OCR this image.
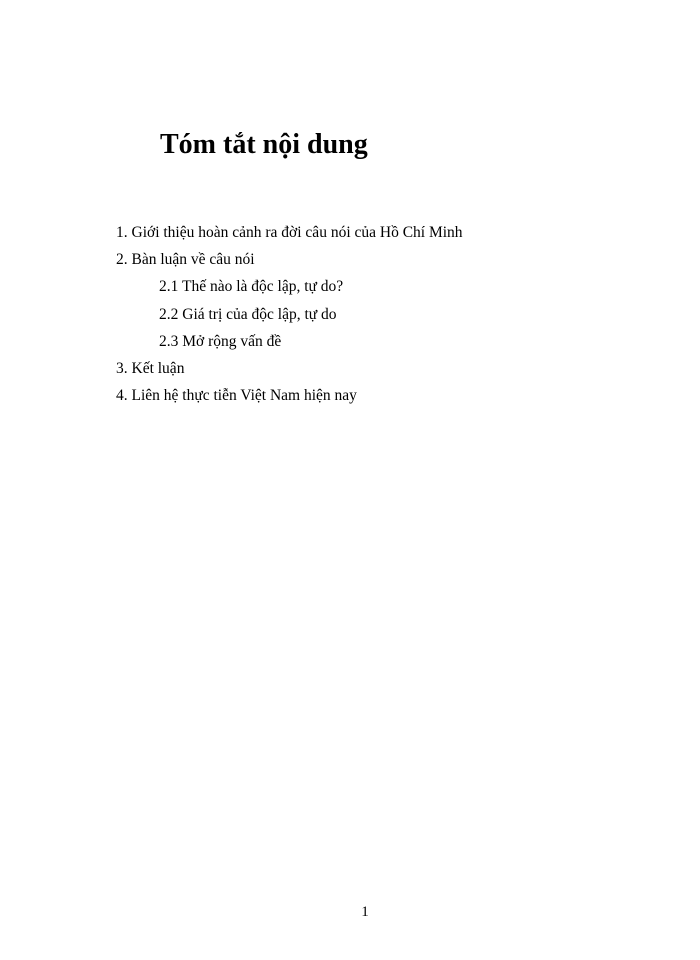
Tóm tắt nội dung
1. Giới thiệu hoàn cảnh ra đời câu nói của Hồ Chí Minh
2. Bàn luận về câu nói
2.1 Thế nào là độc lập, tự do?
2.2 Giá trị của độc lập, tự do
2.3 Mở rộng vấn đề
3. Kết luận
4. Liên hệ thực tiễn Việt Nam hiện nay
1
